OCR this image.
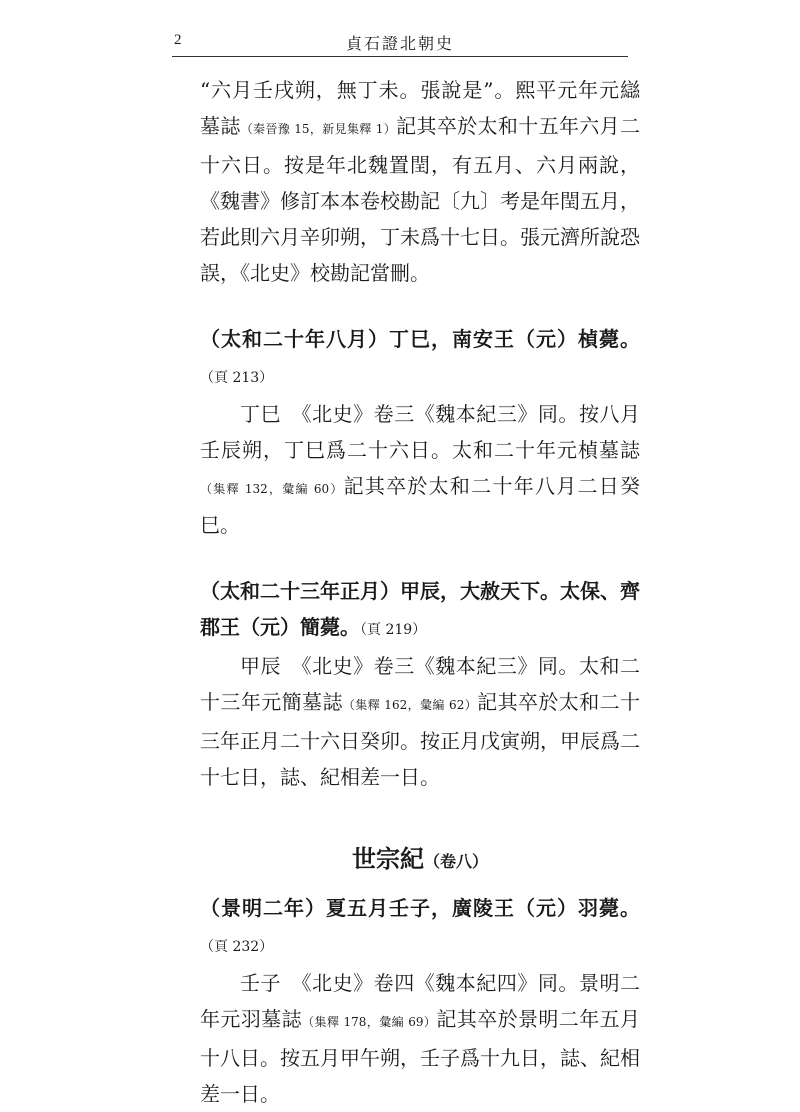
2	貞石證北朝史

“六月壬戌朔，無丁未。張說是”。熙平元年元䜌墓誌（秦晉豫 15，新見集釋 1）記其卒於太和十五年六月二十六日。按是年北魏置閏，有五月、六月兩說，《魏書》修訂本本卷校勘記〔九〕考是年閏五月，若此則六月辛卯朔，丁未爲十七日。張元濟所說恐誤，《北史》校勘記當刪。

（太和二十年八月）丁巳，南安王（元）楨薨。（頁 213）

丁巳　《北史》卷三《魏本紀三》同。按八月壬辰朔，丁巳爲二十六日。太和二十年元楨墓誌（集釋 132，彙編 60）記其卒於太和二十年八月二日癸巳。

（太和二十三年正月）甲辰，大赦天下。太保、齊郡王（元）簡薨。（頁 219）

甲辰　《北史》卷三《魏本紀三》同。太和二十三年元簡墓誌（集釋 162，彙編 62）記其卒於太和二十三年正月二十六日癸卯。按正月戊寅朔，甲辰爲二十七日，誌、紀相差一日。

世宗紀（卷八）

（景明二年）夏五月壬子，廣陵王（元）羽薨。（頁 232）

壬子　《北史》卷四《魏本紀四》同。景明二年元羽墓誌（集釋 178，彙編 69）記其卒於景明二年五月十八日。按五月甲午朔，壬子爲十九日，誌、紀相差一日。
